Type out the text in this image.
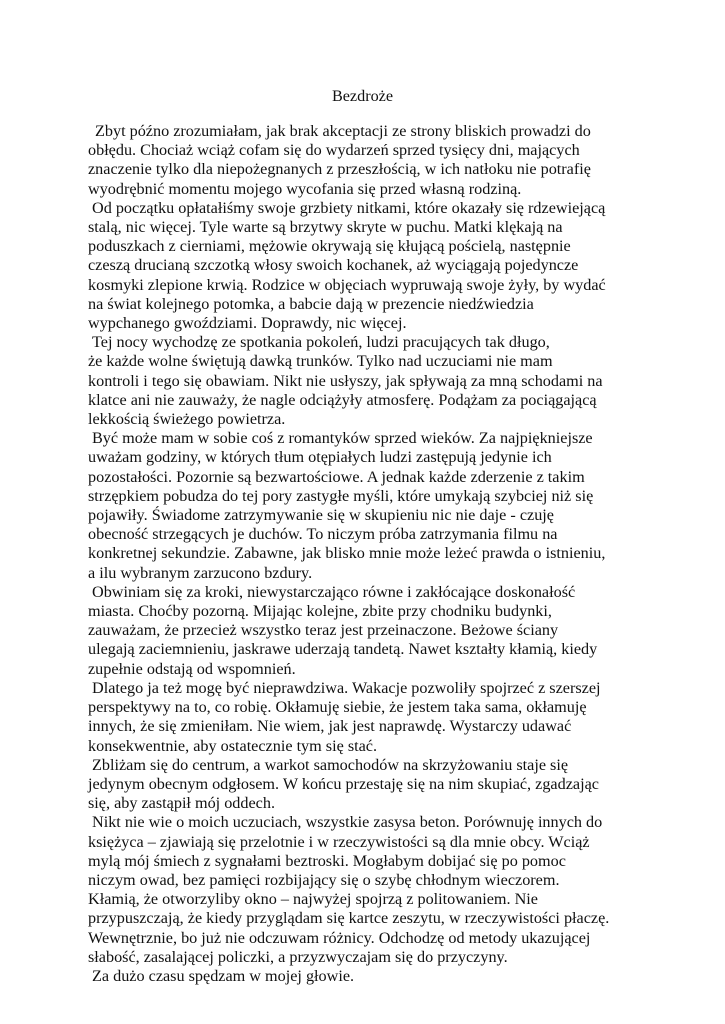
Bezdroże
Zbyt późno zrozumiałam, jak brak akceptacji ze strony bliskich prowadzi do
obłędu. Chociaż wciąż cofam się do wydarzeń sprzed tysięcy dni, mających
znaczenie tylko dla niepożegnanych z przeszłością, w ich natłoku nie potrafię
wyodrębnić momentu mojego wycofania się przed własną rodziną.
Od początku opłatałiśmy swoje grzbiety nitkami, które okazały się rdzewiejącą
stalą, nic więcej. Tyle warte są brzytwy skryte w puchu. Matki klękają na
poduszkach z cierniami, mężowie okrywają się kłującą pościelą, następnie
czeszą drucianą szczotką włosy swoich kochanek, aż wyciągają pojedyncze
kosmyki zlepione krwią. Rodzice w objęciach wypruwają swoje żyły, by wydać
na świat kolejnego potomka, a babcie dają w prezencie niedźwiedzia
wypchanego gwoździami. Doprawdy, nic więcej.
Tej nocy wychodzę ze spotkania pokoleń, ludzi pracujących tak długo,
że każde wolne świętują dawką trunków. Tylko nad uczuciami nie mam
kontroli i tego się obawiam. Nikt nie usłyszy, jak spływają za mną schodami na
klatce ani nie zauważy, że nagle odciążyły atmosferę. Podążam za pociągającą
lekkością świeżego powietrza.
Być może mam w sobie coś z romantyków sprzed wieków. Za najpiękniejsze
uważam godziny, w których tłum otępiałych ludzi zastępują jedynie ich
pozostałości. Pozornie są bezwartościowe. A jednak każde zderzenie z takim
strzępkiem pobudza do tej pory zastygłe myśli, które umykają szybciej niż się
pojawiły. Świadome zatrzymywanie się w skupieniu nic nie daje - czuję
obecność strzegących je duchów. To niczym próba zatrzymania filmu na
konkretnej sekundzie. Zabawne, jak blisko mnie może leżeć prawda o istnieniu,
a ilu wybranym zarzucono bzdury.
Obwiniam się za kroki, niewystarczająco równe i zakłócające doskonałość
miasta. Choćby pozorną. Mijając kolejne, zbite przy chodniku budynki,
zauważam, że przecież wszystko teraz jest przeinaczone. Beżowe ściany
ulegają zaciemnieniu, jaskrawe uderzają tandetą. Nawet kształty kłamią, kiedy
zupełnie odstają od wspomnień.
Dlatego ja też mogę być nieprawdziwa. Wakacje pozwoliły spojrzeć z szerszej
perspektywy na to, co robię. Okłamuję siebie, że jestem taka sama, okłamuję
innych, że się zmieniłam. Nie wiem, jak jest naprawdę. Wystarczy udawać
konsekwentnie, aby ostatecznie tym się stać.
Zbliżam się do centrum, a warkot samochodów na skrzyżowaniu staje się
jedynym obecnym odgłosem. W końcu przestaję się na nim skupiać, zgadzając
się, aby zastąpił mój oddech.
Nikt nie wie o moich uczuciach, wszystkie zasysa beton. Porównuję innych do
księżyca – zjawiają się przelotnie i w rzeczywistości są dla mnie obcy. Wciąż
mylą mój śmiech z sygnałami beztroski. Mogłabym dobijać się po pomoc
niczym owad, bez pamięci rozbijający się o szybę chłodnym wieczorem.
Kłamią, że otworzyliby okno – najwyżej spojrzą z politowaniem. Nie
przypuszczają, że kiedy przyglądam się kartce zeszytu, w rzeczywistości płaczę.
Wewnętrznie, bo już nie odczuwam różnicy. Odchodzę od metody ukazującej
słabość, zasalającej policzki, a przyzwyczajam się do przyczyny.
Za dużo czasu spędzam w mojej głowie.
